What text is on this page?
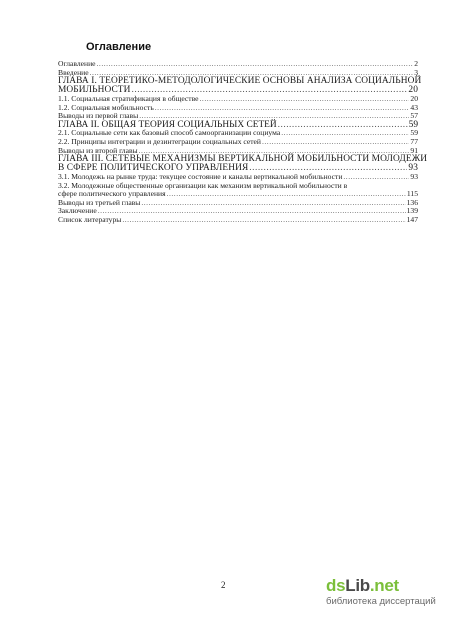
Оглавление
Оглавление .....	2
Введение .....	3
ГЛАВА I. ТЕОРЕТИКО-МЕТОДОЛОГИЧЕСКИЕ ОСНОВЫ АНАЛИЗА СОЦИАЛЬНОЙ
МОБИЛЬНОСТИ .....	20
1.1. Социальная стратификация в обществе .....	20
1.2. Социальная мобильность .....	43
Выводы из первой главы .....	57
ГЛАВА II. ОБЩАЯ ТЕОРИЯ СОЦИАЛЬНЫХ СЕТЕЙ .....	59
2.1. Социальные сети как базовый способ самоорганизации социума .....	59
2.2. Принципы интеграции и дезинтеграции социальных сетей .....	77
Выводы из второй главы .....	91
ГЛАВА III. СЕТЕВЫЕ МЕХАНИЗМЫ ВЕРТИКАЛЬНОЙ МОБИЛЬНОСТИ МОЛОДЕЖИ
В СФЕРЕ ПОЛИТИЧЕСКОГО УПРАВЛЕНИЯ .....	93
3.1. Молодежь на рынке труда: текущее состояние и каналы вертикальной мобильности .....	93
3.2. Молодежные общественные организации как механизм вертикальной мобильности в
сфере политического управления .....	115
Выводы из третьей главы .....	136
Заключение .....	139
Список литературы .....	147
2	dsLib.net
библиотека диссертаций
